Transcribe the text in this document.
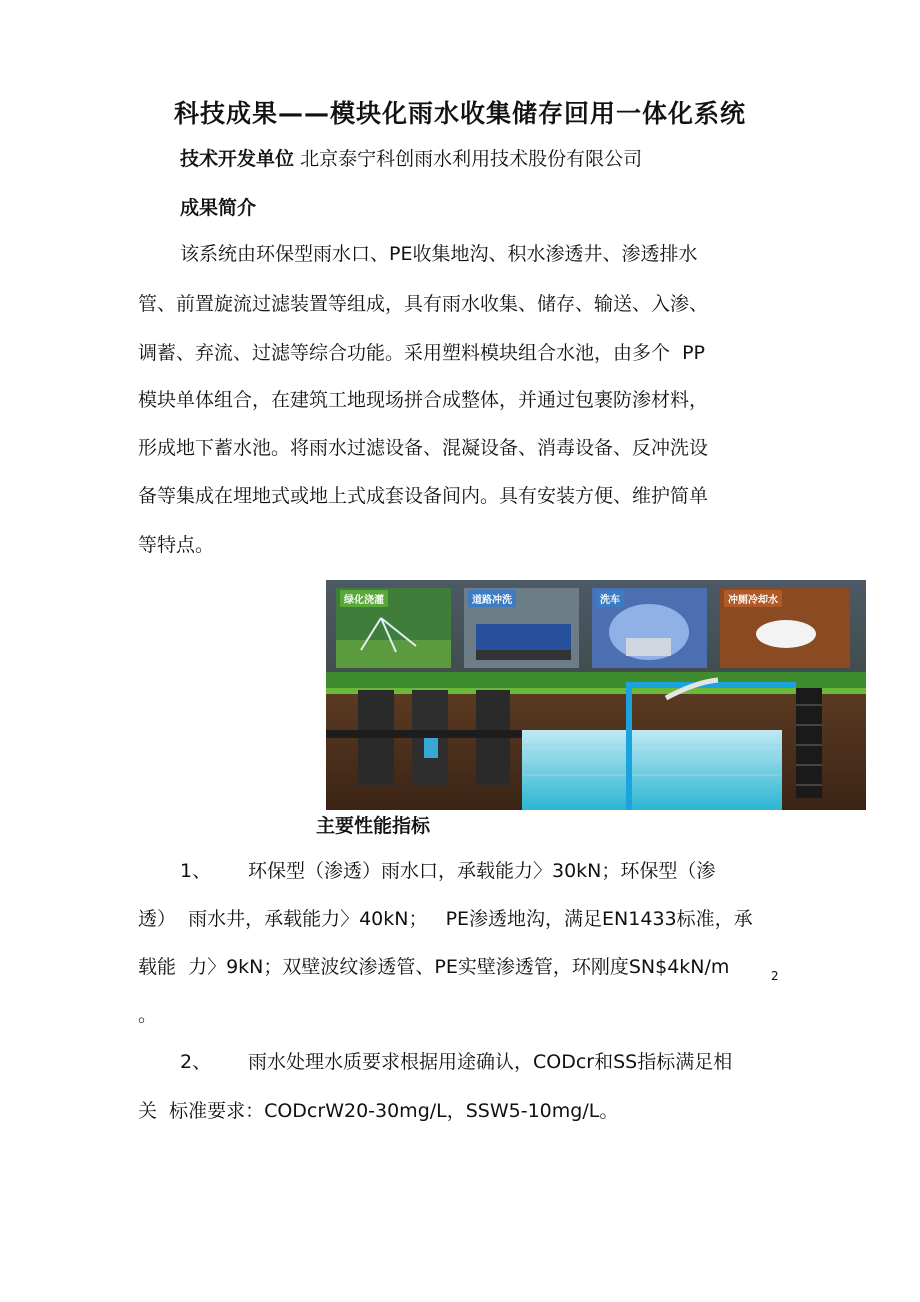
科技成果——模块化雨水收集储存回用一体化系统
技术开发单位 北京泰宁科创雨水利用技术股份有限公司
成果简介
该系统由环保型雨水口、PE收集地沟、积水渗透井、渗透排水
管、前置旋流过滤装置等组成，具有雨水收集、储存、输送、入渗、
调蓄、弃流、过滤等综合功能。采用塑料模块组合水池，由多个  PP
模块单体组合，在建筑工地现场拼合成整体，并通过包裹防渗材料，
形成地下蓄水池。将雨水过滤设备、混凝设备、消毒设备、反冲洗设
备等集成在埋地式或地上式成套设备间内。具有安装方便、维护简单
等特点。
绿化浇灌	道路冲洗	洗车	冲厕冷却水
主要性能指标
1、 环保型（渗透）雨水口，承载能力〉30kN；环保型（渗
透）  雨水井，承载能力〉40kN；   PE渗透地沟，满足EN1433标准，承
载能  力〉9kN；双壁波纹渗透管、PE实壁渗透管，环刚度SN$4kN/m	2
。
2、 雨水处理水质要求根据用途确认，CODcr和SS指标满足相
关  标准要求：CODcrW20-30mg/L，SSW5-10mg/L。
